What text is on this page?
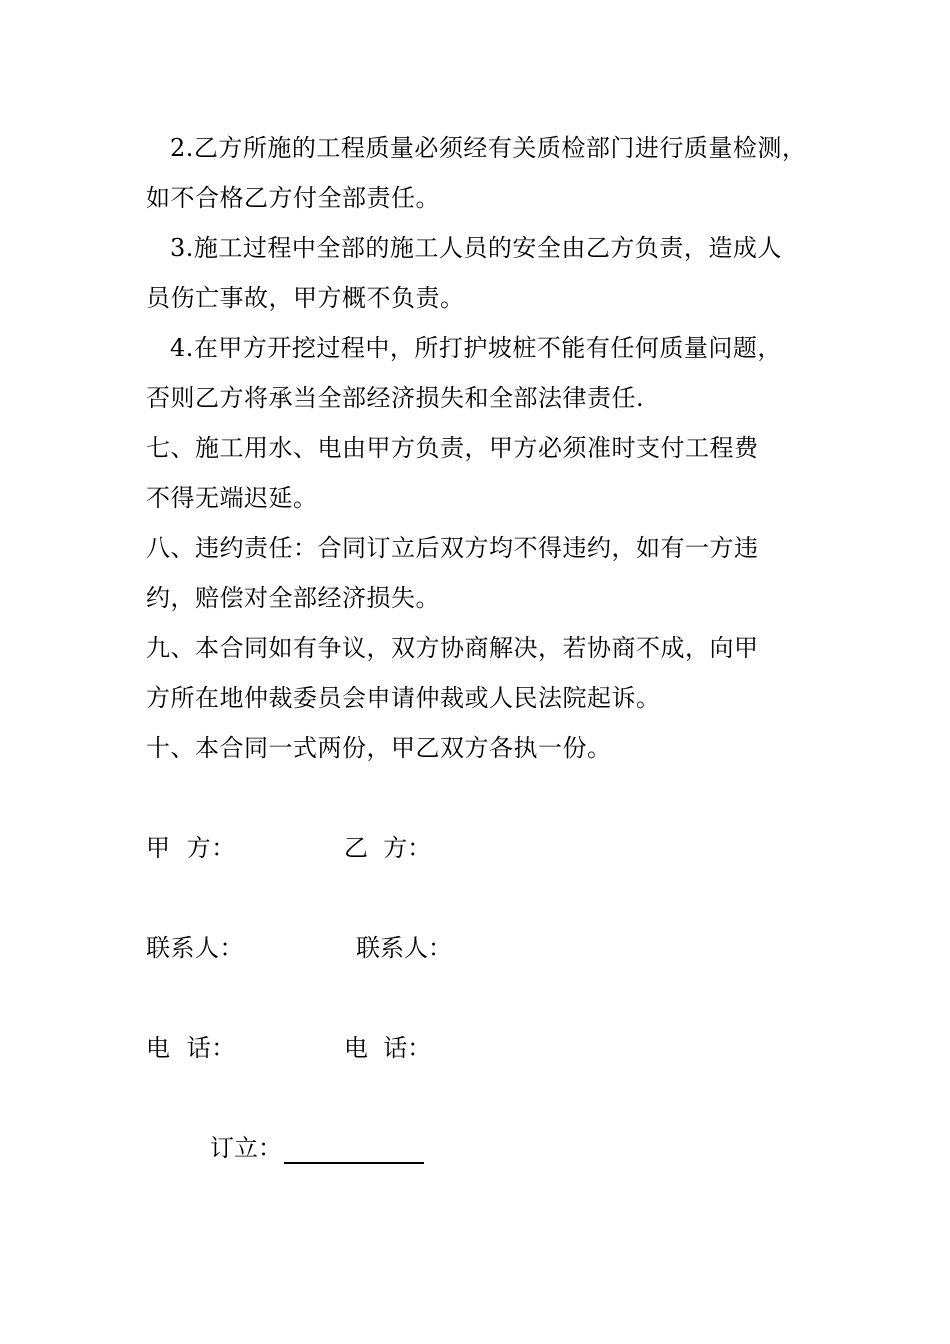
2.乙方所施的工程质量必须经有关质检部门进行质量检测，
如不合格乙方付全部责任。
3.施工过程中全部的施工人员的安全由乙方负责，造成人
员伤亡事故，甲方概不负责。
4.在甲方开挖过程中，所打护坡桩不能有任何质量问题，
否则乙方将承当全部经济损失和全部法律责任.
七、施工用水、电由甲方负责，甲方必须准时支付工程费
不得无端迟延。
八、违约责任：合同订立后双方均不得违约，如有一方违
约，赔偿对全部经济损失。
九、本合同如有争议，双方协商解决，若协商不成，向甲
方所在地仲裁委员会申请仲裁或人民法院起诉。
十、本合同一式两份，甲乙双方各执一份。
甲  方：	乙  方：
联系人：	联系人：
电  话：	电  话：
订立：
